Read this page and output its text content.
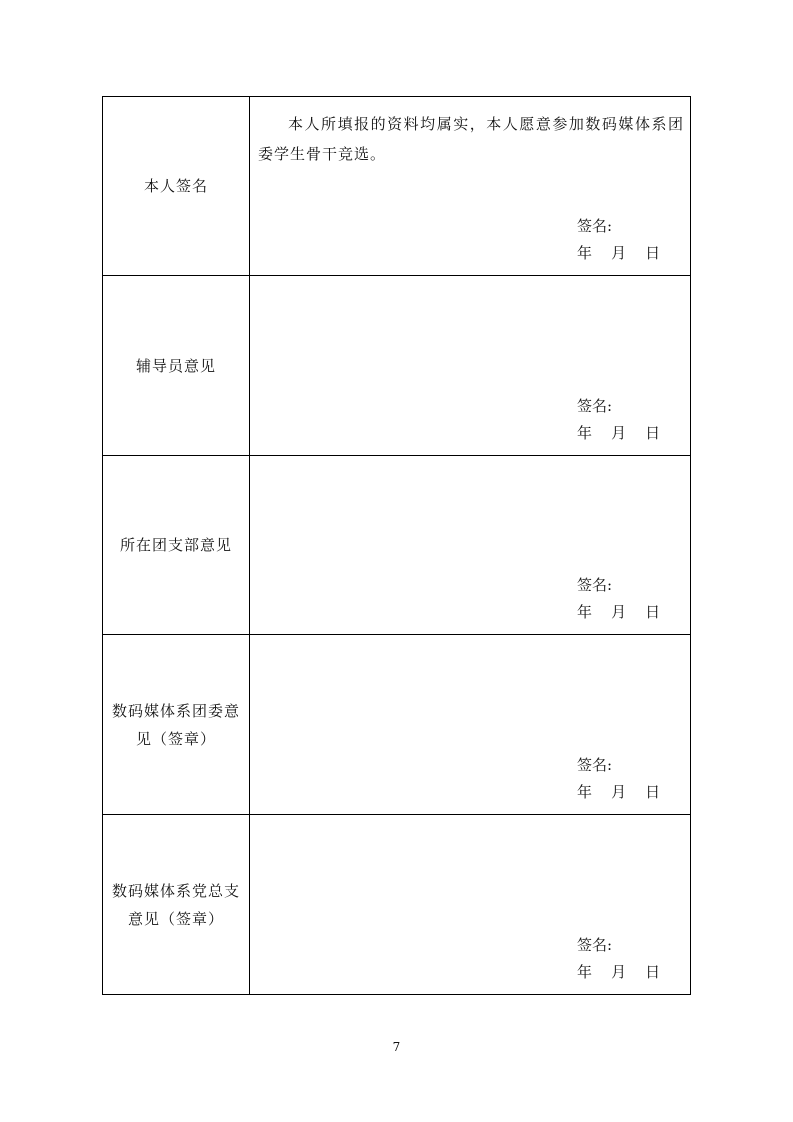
本人签名	本人所填报的资料均属实，本人愿意参加数码媒体系团委学生骨干竞选。
签名:
年    月    日

辅导员意见	签名:
年    月    日

所在团支部意见	签名:
年    月    日

数码媒体系团委意见（签章）	签名:
年    月    日

数码媒体系党总支意见（签章）	签名:
年    月    日
7
